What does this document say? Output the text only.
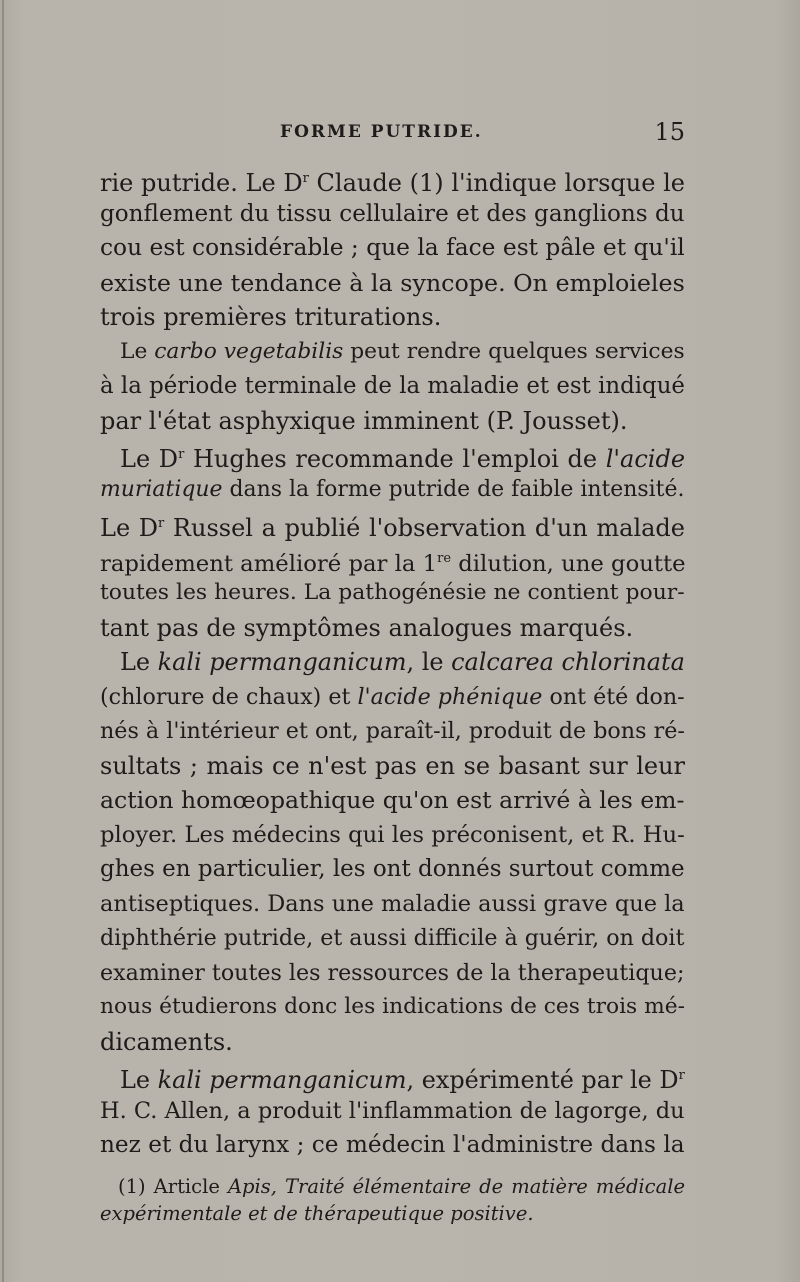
FORME PUTRIDE.	15
rie putride. Le $D^r$ Claude (1) l'indique lorsque le
gonflement du tissu cellulaire et des ganglions du
cou est considérable ; que la face est pâle et qu'il
existe une tendance à la syncope. On emploieles
trois premières triturations.
Le carbo vegetabilis peut rendre quelques services
à la période terminale de la maladie et est indiqué
par l'état asphyxique imminent (P. Jousset).
Le $D^r$ Hughes recommande l'emploi de l'acide
muriatique dans la forme putride de faible intensité.
Le $D^r$ Russel a publié l'observation d'un malade
rapidement amélioré par la 1re dilution, une goutte
toutes les heures. La pathogénésie ne contient pour-
tant pas de symptômes analogues marqués.
Le kali permanganicum, le calcarea chlorinata
(chlorure de chaux) et l'acide phénique ont été don-
nés à l'intérieur et ont, paraît-il, produit de bons ré-
sultats ; mais ce n'est pas en se basant sur leur
action homœopathique qu'on est arrivé à les em-
ployer. Les médecins qui les préconisent, et R. Hu-
ghes en particulier, les ont donnés surtout comme
antiseptiques. Dans une maladie aussi grave que la
diphthérie putride, et aussi difficile à guérir, on doit
examiner toutes les ressources de la therapeutique;
nous étudierons donc les indications de ces trois mé-
dicaments.
Le kali permanganicum, expérimenté par le $D^r$
H. C. Allen, a produit l'inflammation de lagorge, du
nez et du larynx ; ce médecin l'administre dans la
(1) Article Apis, Traité élémentaire de matière médicale
expérimentale et de thérapeutique positive.
